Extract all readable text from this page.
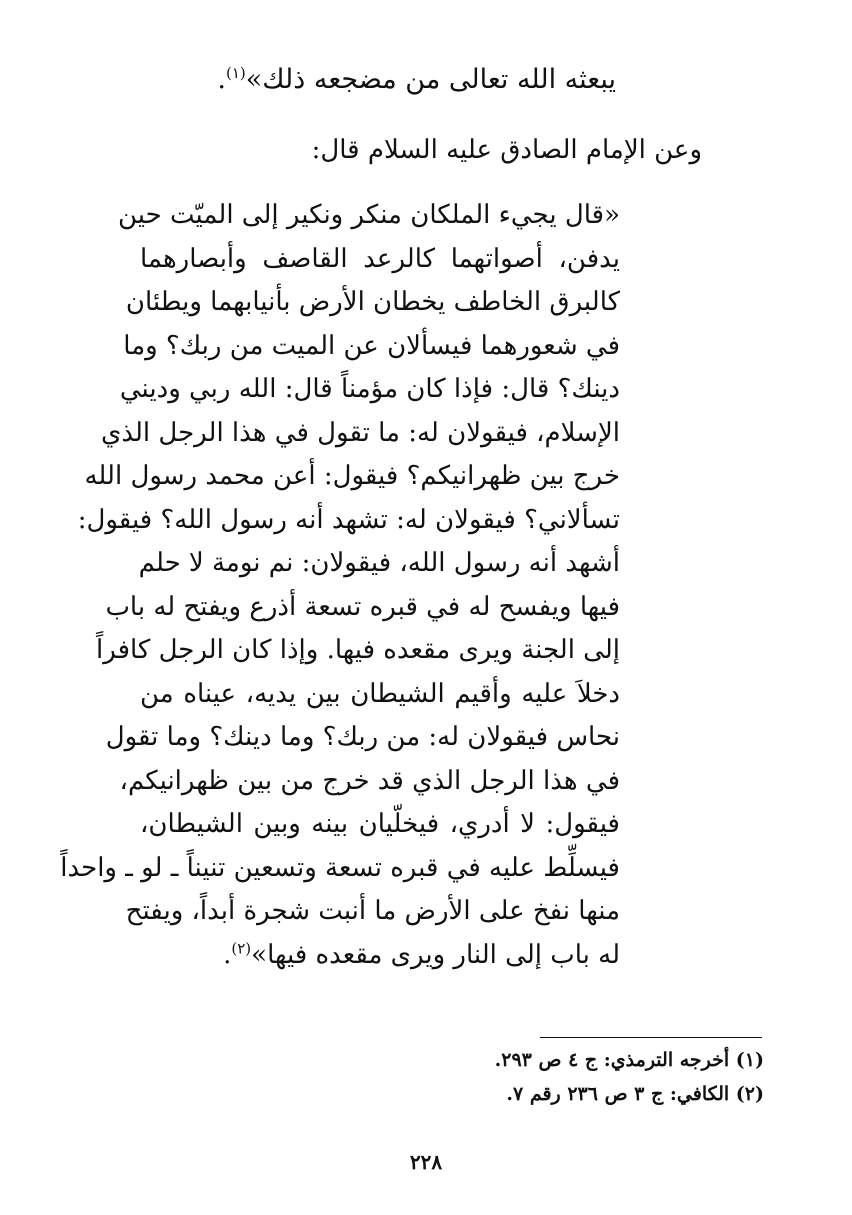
يبعثه الله تعالى من مضجعه ذلك»$^{(١)}$.
وعن الإمام الصادق عليه السلام قال:
«قال يجيء الملكان منكر ونكير إلى الميّت حين
يدفن، أصواتهما كالرعد القاصف وأبصارهما
كالبرق الخاطف يخطان الأرض بأنيابهما ويطئان
في شعورهما فيسألان عن الميت من ربك؟ وما
دينك؟ قال: فإذا كان مؤمناً قال: الله ربي وديني
الإسلام، فيقولان له: ما تقول في هذا الرجل الذي
خرج بين ظهرانيكم؟ فيقول: أعن محمد رسول الله
تسألاني؟ فيقولان له: تشهد أنه رسول الله؟ فيقول:
أشهد أنه رسول الله، فيقولان: نم نومة لا حلم
فيها ويفسح له في قبره تسعة أذرع ويفتح له باب
إلى الجنة ويرى مقعده فيها. وإذا كان الرجل كافراً
دخلاَ عليه وأقيم الشيطان بين يديه، عيناه من
نحاس فيقولان له: من ربك؟ وما دينك؟ وما تقول
في هذا الرجل الذي قد خرج من بين ظهرانيكم،
فيقول: لا أدري، فيخلّيان بينه وبين الشيطان،
فيسلِّط عليه في قبره تسعة وتسعين تنيناً ـ لو ـ واحداً
منها نفخ على الأرض ما أنبت شجرة أبداً، ويفتح
له باب إلى النار ويرى مقعده فيها»$^{(٢)}$.
(١) أخرجه الترمذي: ج ٤ ص ٢٩٣.
(٢) الكافي: ج ٣ ص ٢٣٦ رقم ٧.
٢٢٨
